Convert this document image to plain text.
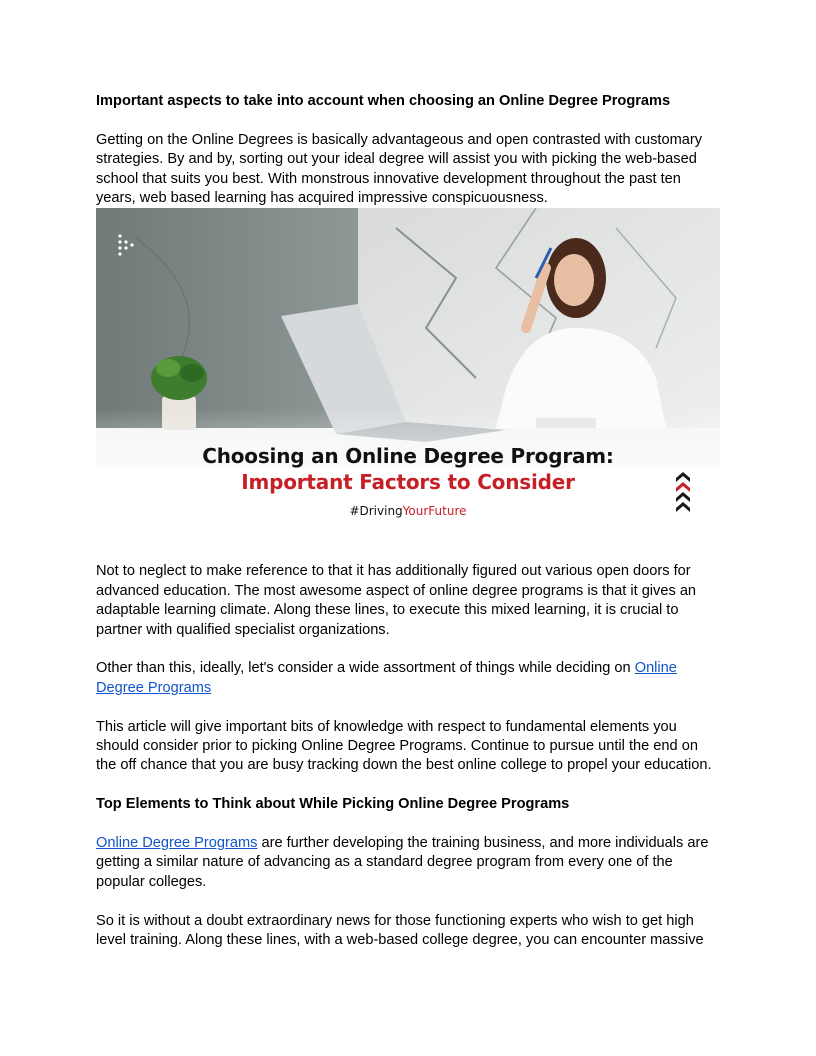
Important aspects to take into account when choosing an Online Degree Programs

Getting on the Online Degrees is basically advantageous and open contrasted with customary strategies. By and by, sorting out your ideal degree will assist you with picking the web-based school that suits you best. With monstrous innovative development throughout the past ten years, web based learning has acquired impressive conspicuousness.

Choosing an Online Degree Program:
Important Factors to Consider
#DrivingYourFuture

Not to neglect to make reference to that it has additionally figured out various open doors for advanced education. The most awesome aspect of online degree programs is that it gives an adaptable learning climate. Along these lines, to execute this mixed learning, it is crucial to partner with qualified specialist organizations.

Other than this, ideally, let's consider a wide assortment of things while deciding on Online Degree Programs

This article will give important bits of knowledge with respect to fundamental elements you should consider prior to picking Online Degree Programs. Continue to pursue until the end on the off chance that you are busy tracking down the best online college to propel your education.

Top Elements to Think about While Picking Online Degree Programs

Online Degree Programs are further developing the training business, and more individuals are getting a similar nature of advancing as a standard degree program from every one of the popular colleges.

So it is without a doubt extraordinary news for those functioning experts who wish to get high level training. Along these lines, with a web-based college degree, you can encounter massive
